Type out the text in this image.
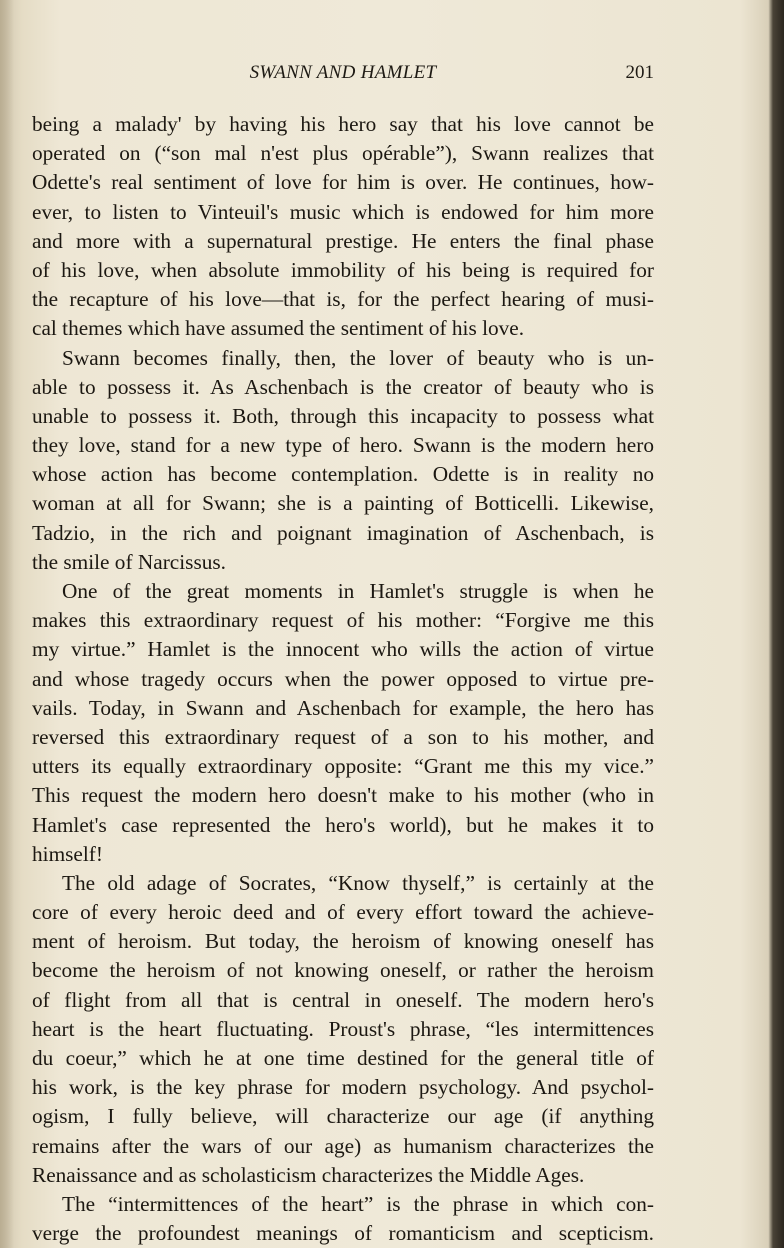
SWANN AND HAMLET	201
being a malady' by having his hero say that his love cannot be
operated on (“son mal n'est plus opérable”), Swann realizes that
Odette's real sentiment of love for him is over. He continues, how-
ever, to listen to Vinteuil's music which is endowed for him more
and more with a supernatural prestige. He enters the final phase
of his love, when absolute immobility of his being is required for
the recapture of his love—that is, for the perfect hearing of musi-
cal themes which have assumed the sentiment of his love.
Swann becomes finally, then, the lover of beauty who is un-
able to possess it. As Aschenbach is the creator of beauty who is
unable to possess it. Both, through this incapacity to possess what
they love, stand for a new type of hero. Swann is the modern hero
whose action has become contemplation. Odette is in reality no
woman at all for Swann; she is a painting of Botticelli. Likewise,
Tadzio, in the rich and poignant imagination of Aschenbach, is
the smile of Narcissus.
One of the great moments in Hamlet's struggle is when he
makes this extraordinary request of his mother: “Forgive me this
my virtue.” Hamlet is the innocent who wills the action of virtue
and whose tragedy occurs when the power opposed to virtue pre-
vails. Today, in Swann and Aschenbach for example, the hero has
reversed this extraordinary request of a son to his mother, and
utters its equally extraordinary opposite: “Grant me this my vice.”
This request the modern hero doesn't make to his mother (who in
Hamlet's case represented the hero's world), but he makes it to
himself!
The old adage of Socrates, “Know thyself,” is certainly at the
core of every heroic deed and of every effort toward the achieve-
ment of heroism. But today, the heroism of knowing oneself has
become the heroism of not knowing oneself, or rather the heroism
of flight from all that is central in oneself. The modern hero's
heart is the heart fluctuating. Proust's phrase, “les intermittences
du coeur,” which he at one time destined for the general title of
his work, is the key phrase for modern psychology. And psychol-
ogism, I fully believe, will characterize our age (if anything
remains after the wars of our age) as humanism characterizes the
Renaissance and as scholasticism characterizes the Middle Ages.
The “intermittences of the heart” is the phrase in which con-
verge the profoundest meanings of romanticism and scepticism.
